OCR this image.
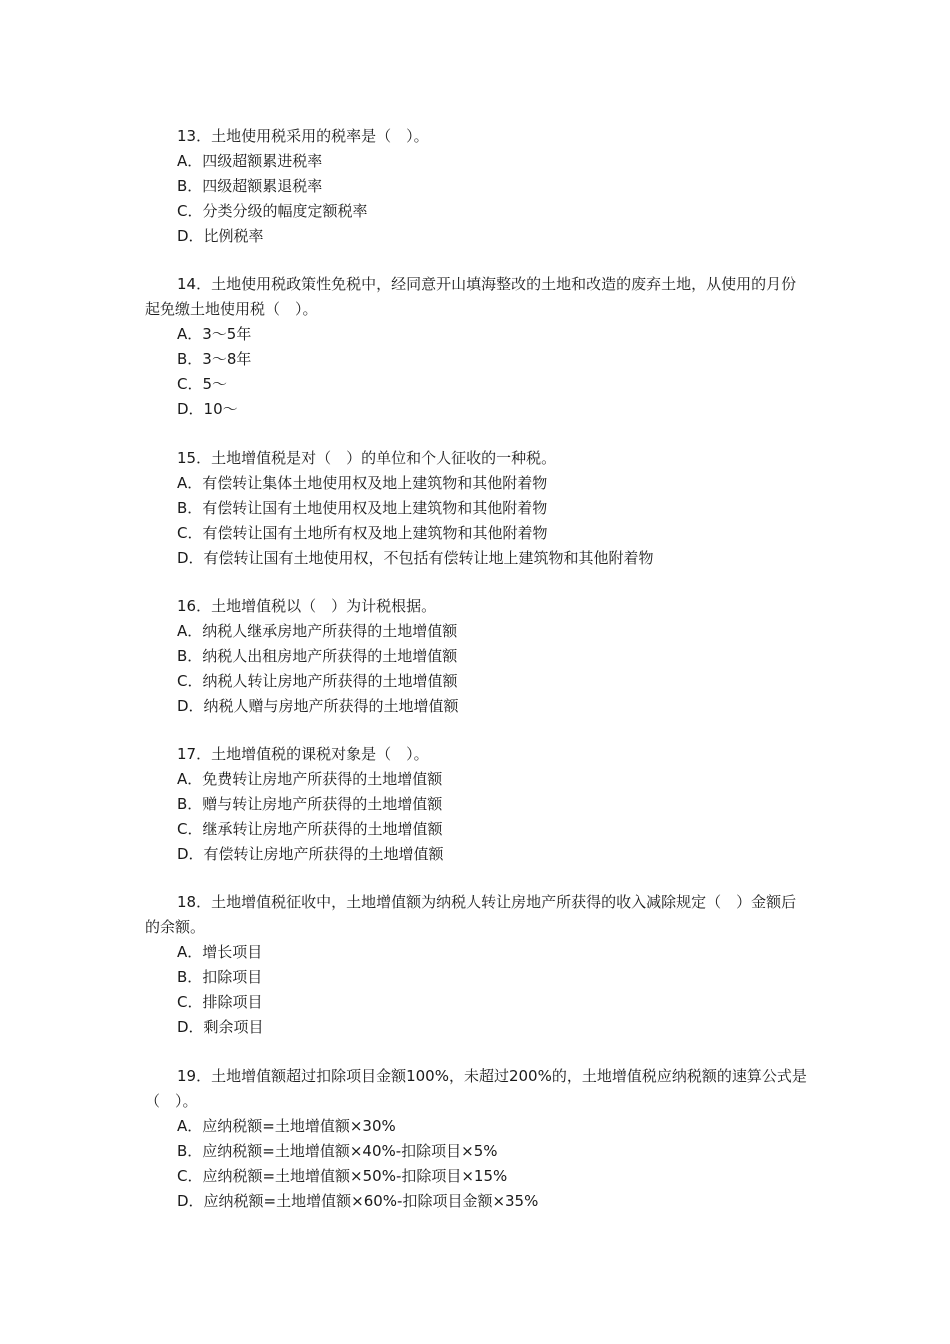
13．土地使用税采用的税率是（　）。
A．四级超额累进税率
B．四级超额累退税率
C．分类分级的幅度定额税率
D．比例税率
14．土地使用税政策性免税中，经同意开山填海整改的土地和改造的废弃土地，从使用的月份起免缴土地使用税（　）。
A．3～5年
B．3～8年
C．5～
D．10～
15．土地增值税是对（　）的单位和个人征收的一种税。
A．有偿转让集体土地使用权及地上建筑物和其他附着物
B．有偿转让国有土地使用权及地上建筑物和其他附着物
C．有偿转让国有土地所有权及地上建筑物和其他附着物
D．有偿转让国有土地使用权，不包括有偿转让地上建筑物和其他附着物
16．土地增值税以（　）为计税根据。
A．纳税人继承房地产所获得的土地增值额
B．纳税人出租房地产所获得的土地增值额
C．纳税人转让房地产所获得的土地增值额
D．纳税人赠与房地产所获得的土地增值额
17．土地增值税的课税对象是（　）。
A．免费转让房地产所获得的土地增值额
B．赠与转让房地产所获得的土地增值额
C．继承转让房地产所获得的土地增值额
D．有偿转让房地产所获得的土地增值额
18．土地增值税征收中，土地增值额为纳税人转让房地产所获得的收入减除规定（　）金额后的余额。
A．增长项目
B．扣除项目
C．排除项目
D．剩余项目
19．土地增值额超过扣除项目金额100%，未超过200%的，土地增值税应纳税额的速算公式是　　（　）。
A．应纳税额=土地增值额×30%
B．应纳税额=土地增值额×40%-扣除项目×5%
C．应纳税额=土地增值额×50%-扣除项目×15%
D．应纳税额=土地增值额×60%-扣除项目金额×35%
